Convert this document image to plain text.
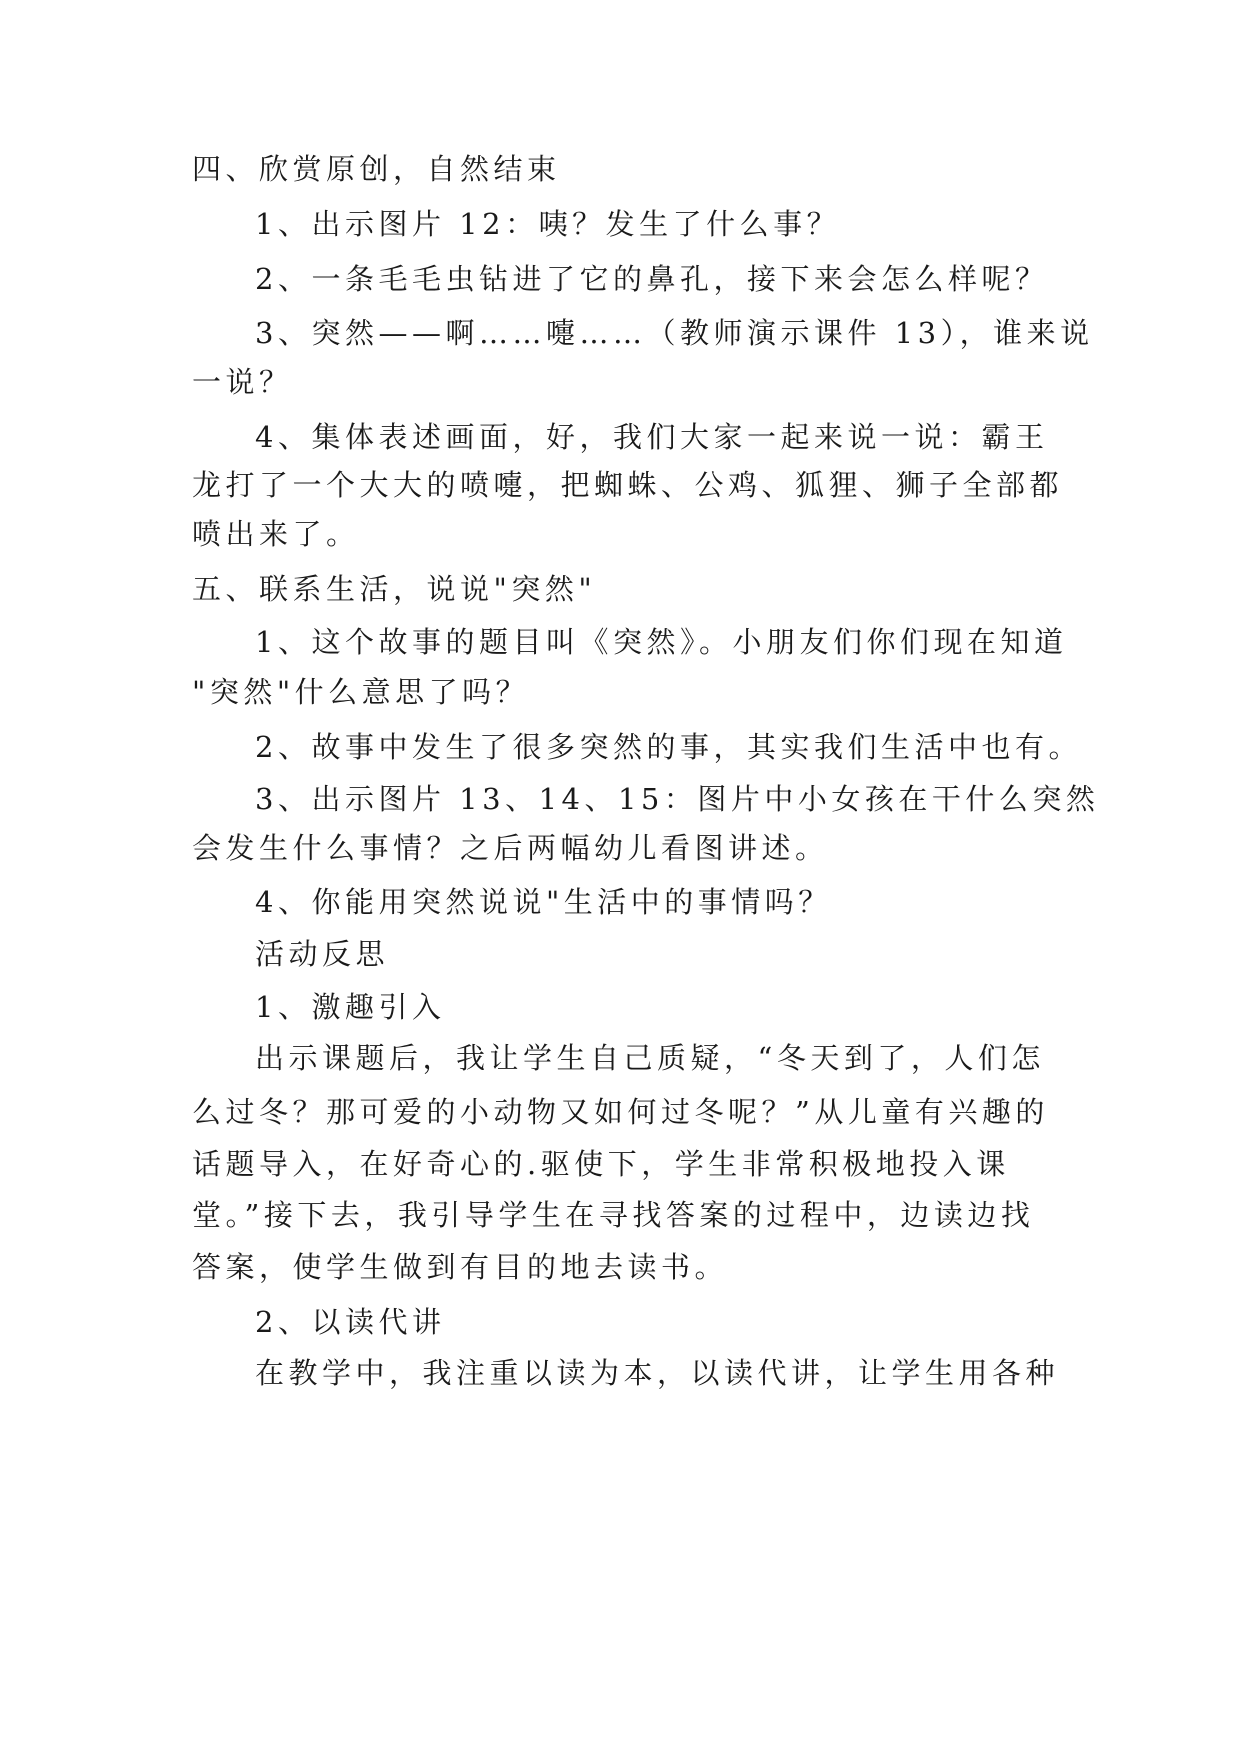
四、欣赏原创，自然结束
1、出示图片 12：咦？发生了什么事？
2、一条毛毛虫钻进了它的鼻孔，接下来会怎么样呢？
3、突然——啊……嚏……（教师演示课件 13），谁来说
一说？
4、集体表述画面，好，我们大家一起来说一说：霸王
龙打了一个大大的喷嚏，把蜘蛛、公鸡、狐狸、狮子全部都
喷出来了。
五、联系生活，说说"突然"
1、这个故事的题目叫《突然》。小朋友们你们现在知道
"突然"什么意思了吗？
2、故事中发生了很多突然的事，其实我们生活中也有。
3、出示图片 13、14、15：图片中小女孩在干什么突然
会发生什么事情？之后两幅幼儿看图讲述。
4、你能用突然说说"生活中的事情吗？
活动反思
1、激趣引入
出示课题后，我让学生自己质疑，“冬天到了，人们怎
么过冬？那可爱的小动物又如何过冬呢？”从儿童有兴趣的
话题导入，在好奇心的.驱使下，学生非常积极地投入课
堂。”接下去，我引导学生在寻找答案的过程中，边读边找
答案，使学生做到有目的地去读书。
2、以读代讲
在教学中，我注重以读为本，以读代讲，让学生用各种
